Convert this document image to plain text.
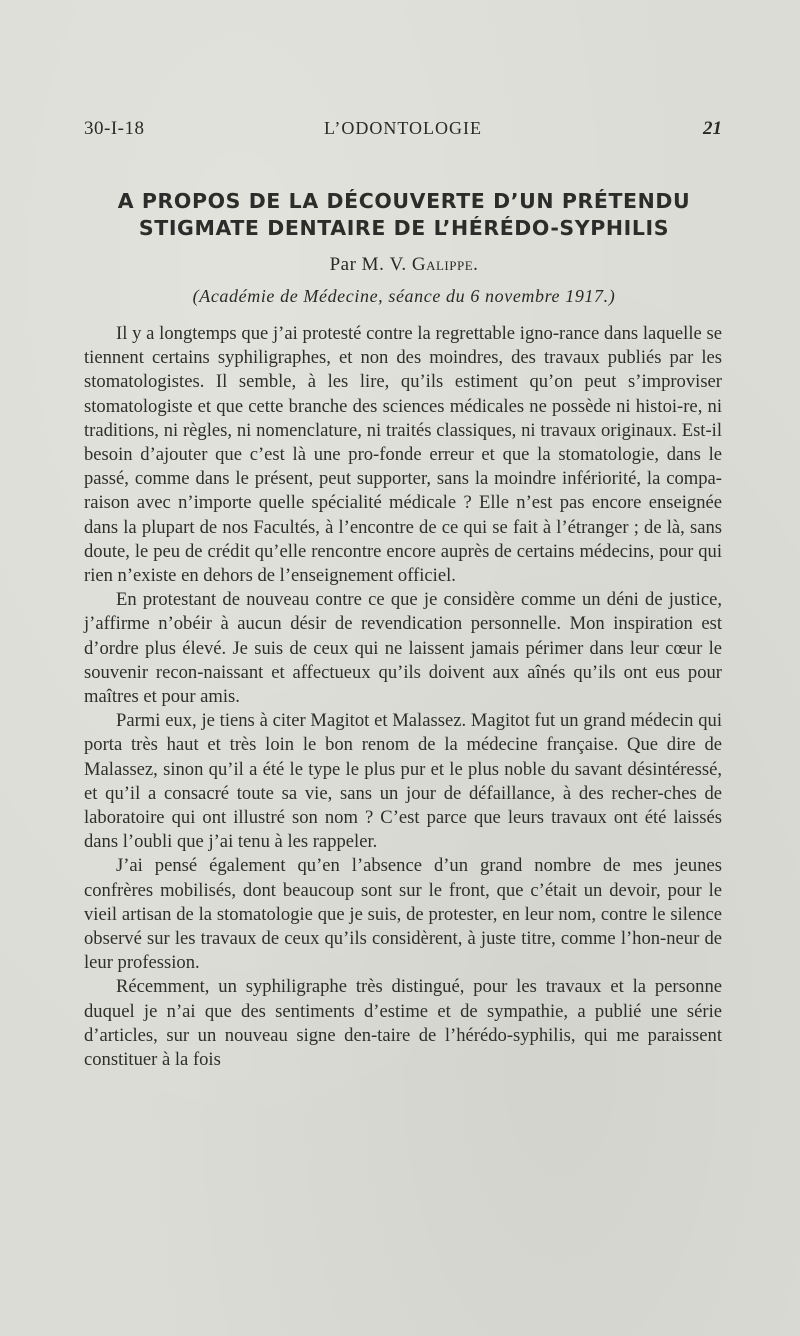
L’ODONTOLOGIE
30-I-18	21
A PROPOS DE LA DÉCOUVERTE D’UN PRÉTENDU
STIGMATE DENTAIRE DE L’HÉRÉDO-SYPHILIS
Par M. V. Galippe.
(Académie de Médecine, séance du 6 novembre 1917.)

Il y a longtemps que j’ai protesté contre la regrettable igno-rance dans laquelle se tiennent certains syphiligraphes, et non des moindres, des travaux publiés par les stomatologistes. Il semble, à les lire, qu’ils estiment qu’on peut s’improviser stomatologiste et que cette branche des sciences médicales ne possède ni histoi-re, ni traditions, ni règles, ni nomenclature, ni traités classiques, ni travaux originaux. Est-il besoin d’ajouter que c’est là une pro-fonde erreur et que la stomatologie, dans le passé, comme dans le présent, peut supporter, sans la moindre infériorité, la compa-raison avec n’importe quelle spécialité médicale ? Elle n’est pas encore enseignée dans la plupart de nos Facultés, à l’encontre de ce qui se fait à l’étranger ; de là, sans doute, le peu de crédit qu’elle rencontre encore auprès de certains médecins, pour qui rien n’existe en dehors de l’enseignement officiel.

En protestant de nouveau contre ce que je considère comme un déni de justice, j’affirme n’obéir à aucun désir de revendication personnelle. Mon inspiration est d’ordre plus élevé. Je suis de ceux qui ne laissent jamais périmer dans leur cœur le souvenir recon-naissant et affectueux qu’ils doivent aux aînés qu’ils ont eus pour maîtres et pour amis.

Parmi eux, je tiens à citer Magitot et Malassez. Magitot fut un grand médecin qui porta très haut et très loin le bon renom de la médecine française. Que dire de Malassez, sinon qu’il a été le type le plus pur et le plus noble du savant désintéressé, et qu’il a consacré toute sa vie, sans un jour de défaillance, à des recher-ches de laboratoire qui ont illustré son nom ? C’est parce que leurs travaux ont été laissés dans l’oubli que j’ai tenu à les rappeler.

J’ai pensé également qu’en l’absence d’un grand nombre de mes jeunes confrères mobilisés, dont beaucoup sont sur le front, que c’était un devoir, pour le vieil artisan de la stomatologie que je suis, de protester, en leur nom, contre le silence observé sur les travaux de ceux qu’ils considèrent, à juste titre, comme l’hon-neur de leur profession.

Récemment, un syphiligraphe très distingué, pour les travaux et la personne duquel je n’ai que des sentiments d’estime et de sympathie, a publié une série d’articles, sur un nouveau signe den-taire de l’hérédo-syphilis, qui me paraissent constituer à la fois
